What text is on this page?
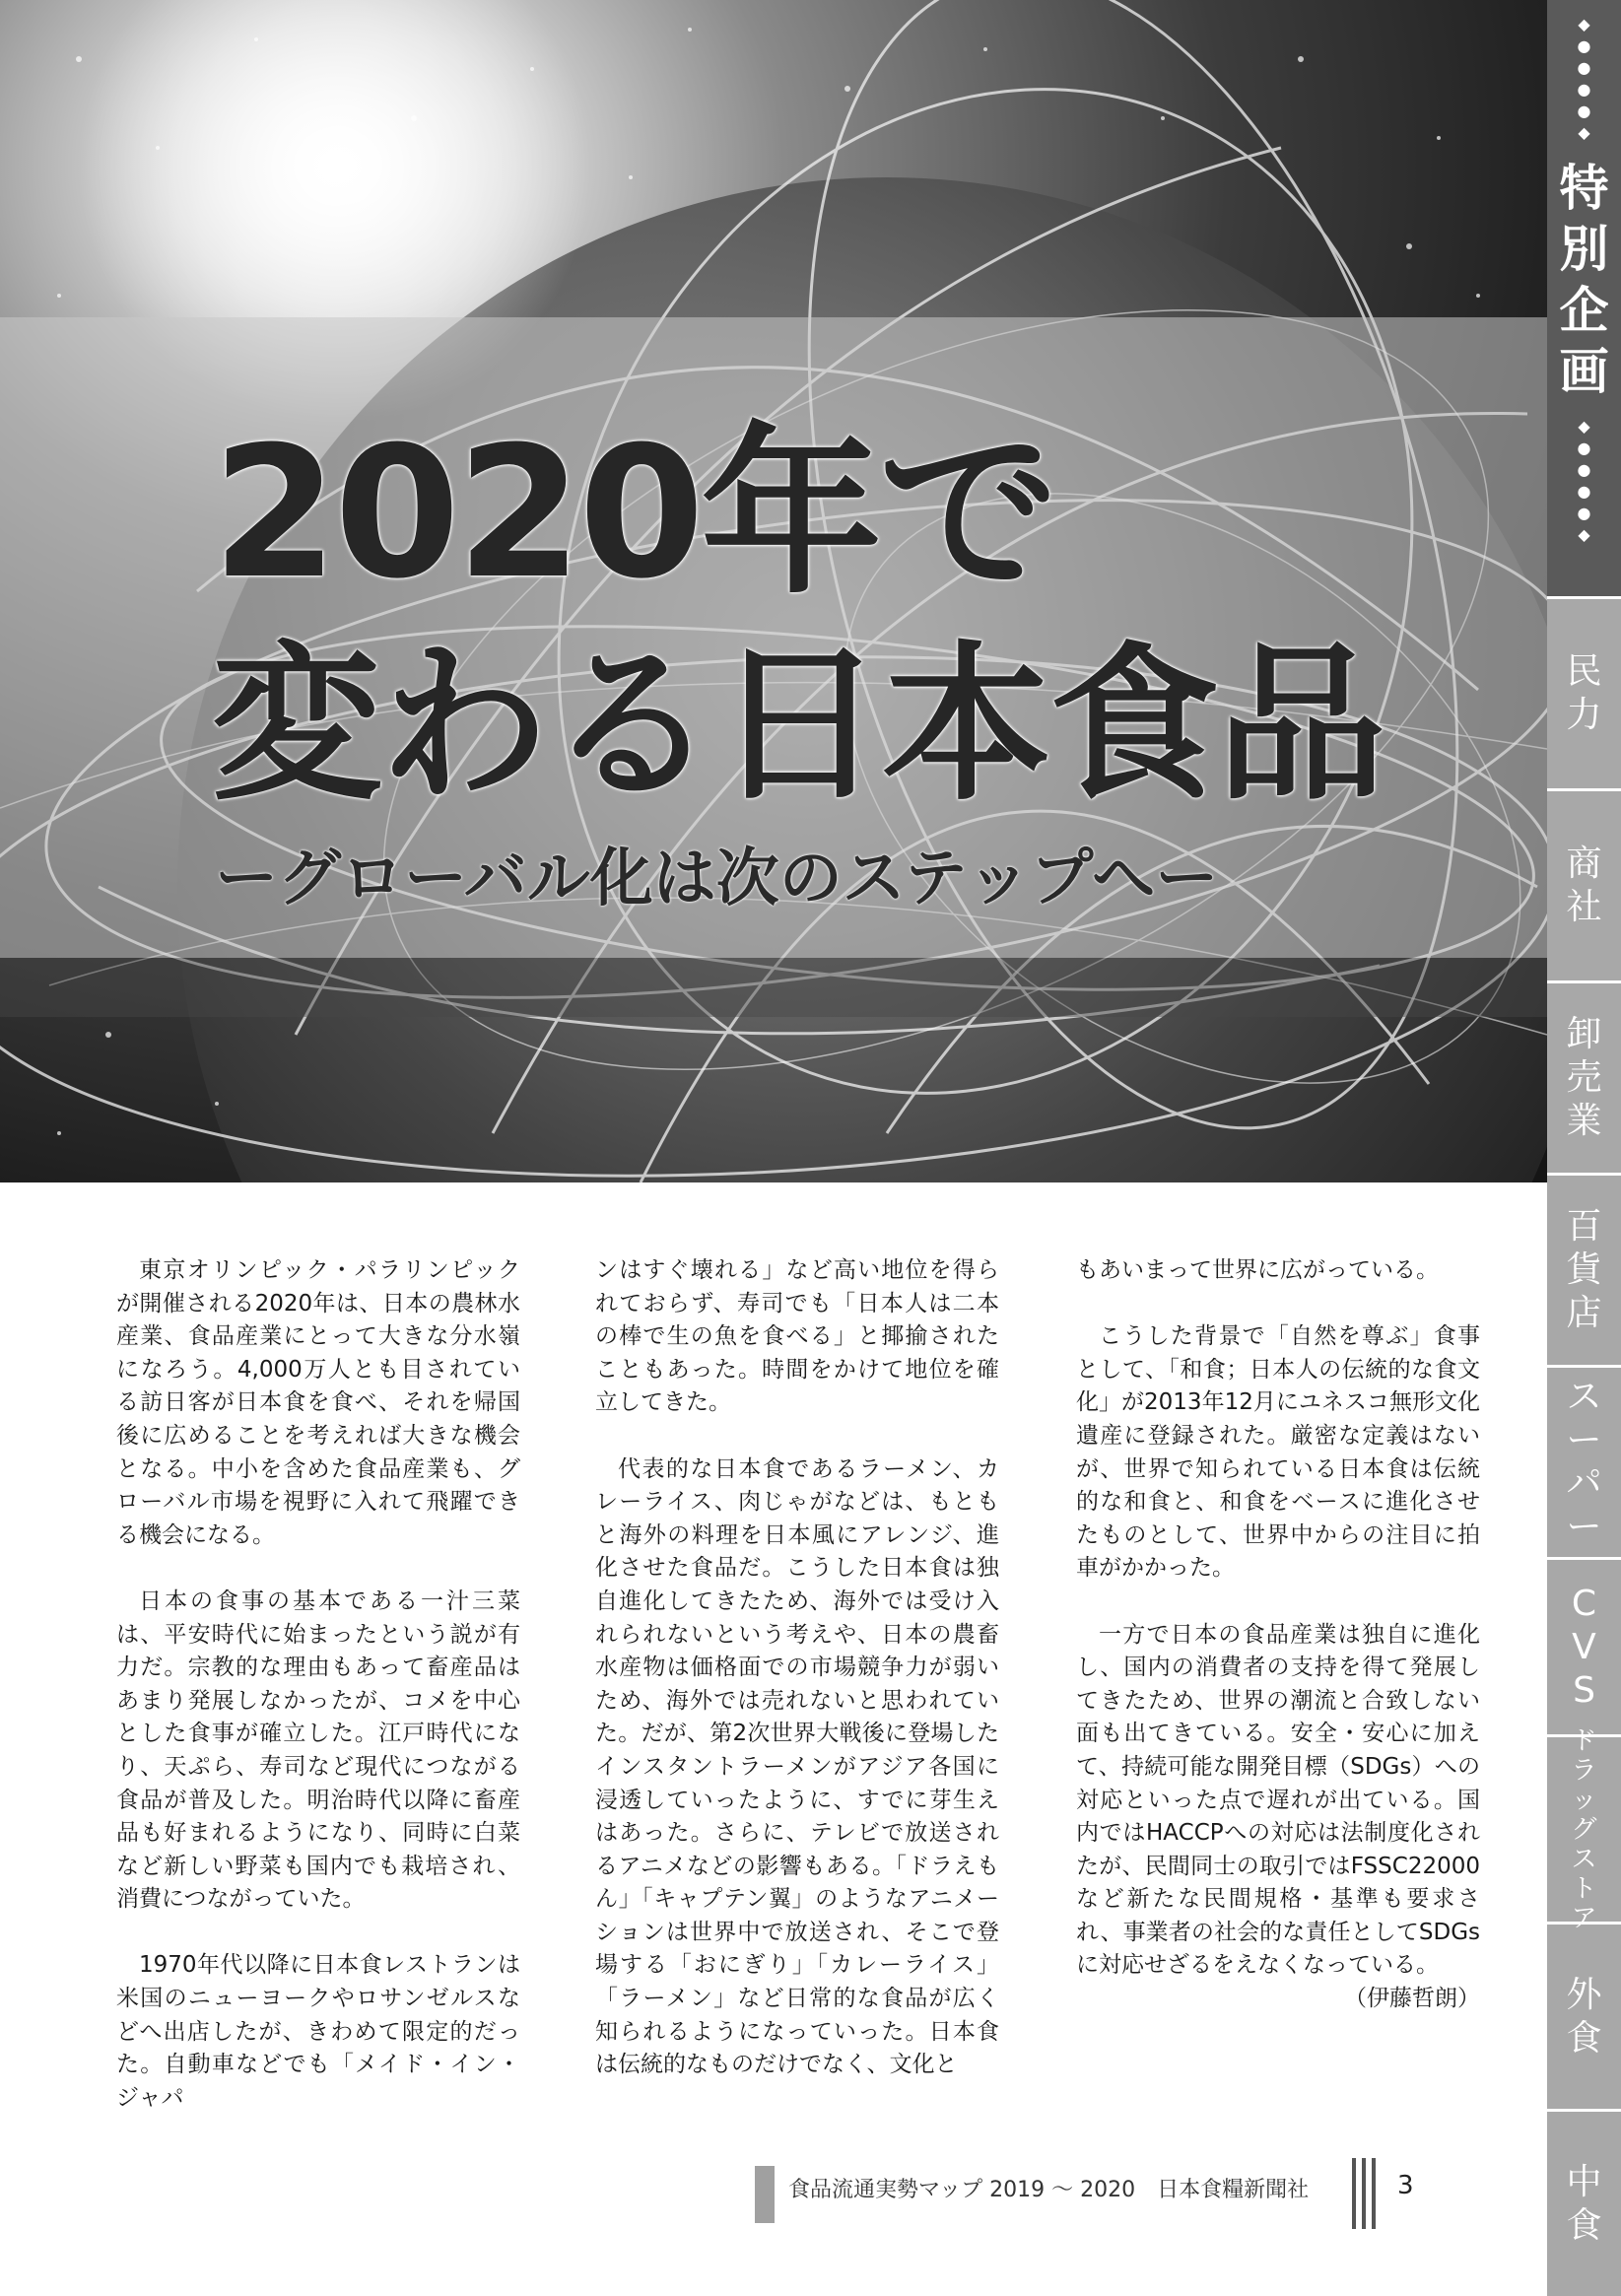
2020年で
変わる日本食品
ーグローバル化は次のステップへー
◆
●
●
●
●
◆
特
別
企
画
◆
●
●
●
●
◆
民
力
商
社
卸
売
業
百
貨
店
ス
ー
パ
ー
C
V
S
ド
ラ
ッ
グ
ス
ト
ア
外
食
中
食

東京オリンピック・パラリンピックが開催される2020年は、日本の農林水産業、食品産業にとって大きな分水嶺になろう。4,000万人とも目されている訪日客が日本食を食べ、それを帰国後に広めることを考えれば大きな機会となる。中小を含めた食品産業も、グローバル市場を視野に入れて飛躍できる機会になる。

日本の食事の基本である一汁三菜は、平安時代に始まったという説が有力だ。宗教的な理由もあって畜産品はあまり発展しなかったが、コメを中心とした食事が確立した。江戸時代になり、天ぷら、寿司など現代につながる食品が普及した。明治時代以降に畜産品も好まれるようになり、同時に白菜など新しい野菜も国内でも栽培され、消費につながっていた。

1970年代以降に日本食レストランは米国のニューヨークやロサンゼルスなどへ出店したが、きわめて限定的だった。自動車などでも「メイド・イン・ジャパ

ンはすぐ壊れる」など高い地位を得られておらず、寿司でも「日本人は二本の棒で生の魚を食べる」と揶揄されたこともあった。時間をかけて地位を確立してきた。

代表的な日本食であるラーメン、カレーライス、肉じゃがなどは、もともと海外の料理を日本風にアレンジ、進化させた食品だ。こうした日本食は独自進化してきたため、海外では受け入れられないという考えや、日本の農畜水産物は価格面での市場競争力が弱いため、海外では売れないと思われていた。だが、第2次世界大戦後に登場したインスタントラーメンがアジア各国に浸透していったように、すでに芽生えはあった。さらに、テレビで放送されるアニメなどの影響もある。「ドラえもん」「キャプテン翼」のようなアニメーションは世界中で放送され、そこで登場する「おにぎり」「カレーライス」「ラーメン」など日常的な食品が広く知られるようになっていった。日本食は伝統的なものだけでなく、文化と

もあいまって世界に広がっている。

こうした背景で「自然を尊ぶ」食事として、「和食；日本人の伝統的な食文化」が2013年12月にユネスコ無形文化遺産に登録された。厳密な定義はないが、世界で知られている日本食は伝統的な和食と、和食をベースに進化させたものとして、世界中からの注目に拍車がかかった。

一方で日本の食品産業は独自に進化し、国内の消費者の支持を得て発展してきたため、世界の潮流と合致しない面も出てきている。安全・安心に加えて、持続可能な開発目標（SDGs）への対応といった点で遅れが出ている。国内ではHACCPへの対応は法制度化されたが、民間同士の取引ではFSSC22000など新たな民間規格・基準も要求され、事業者の社会的な責任としてSDGsに対応せざるをえなくなっている。

（伊藤哲朗）

食品流通実勢マップ 2019 〜 2020　日本食糧新聞社	3
